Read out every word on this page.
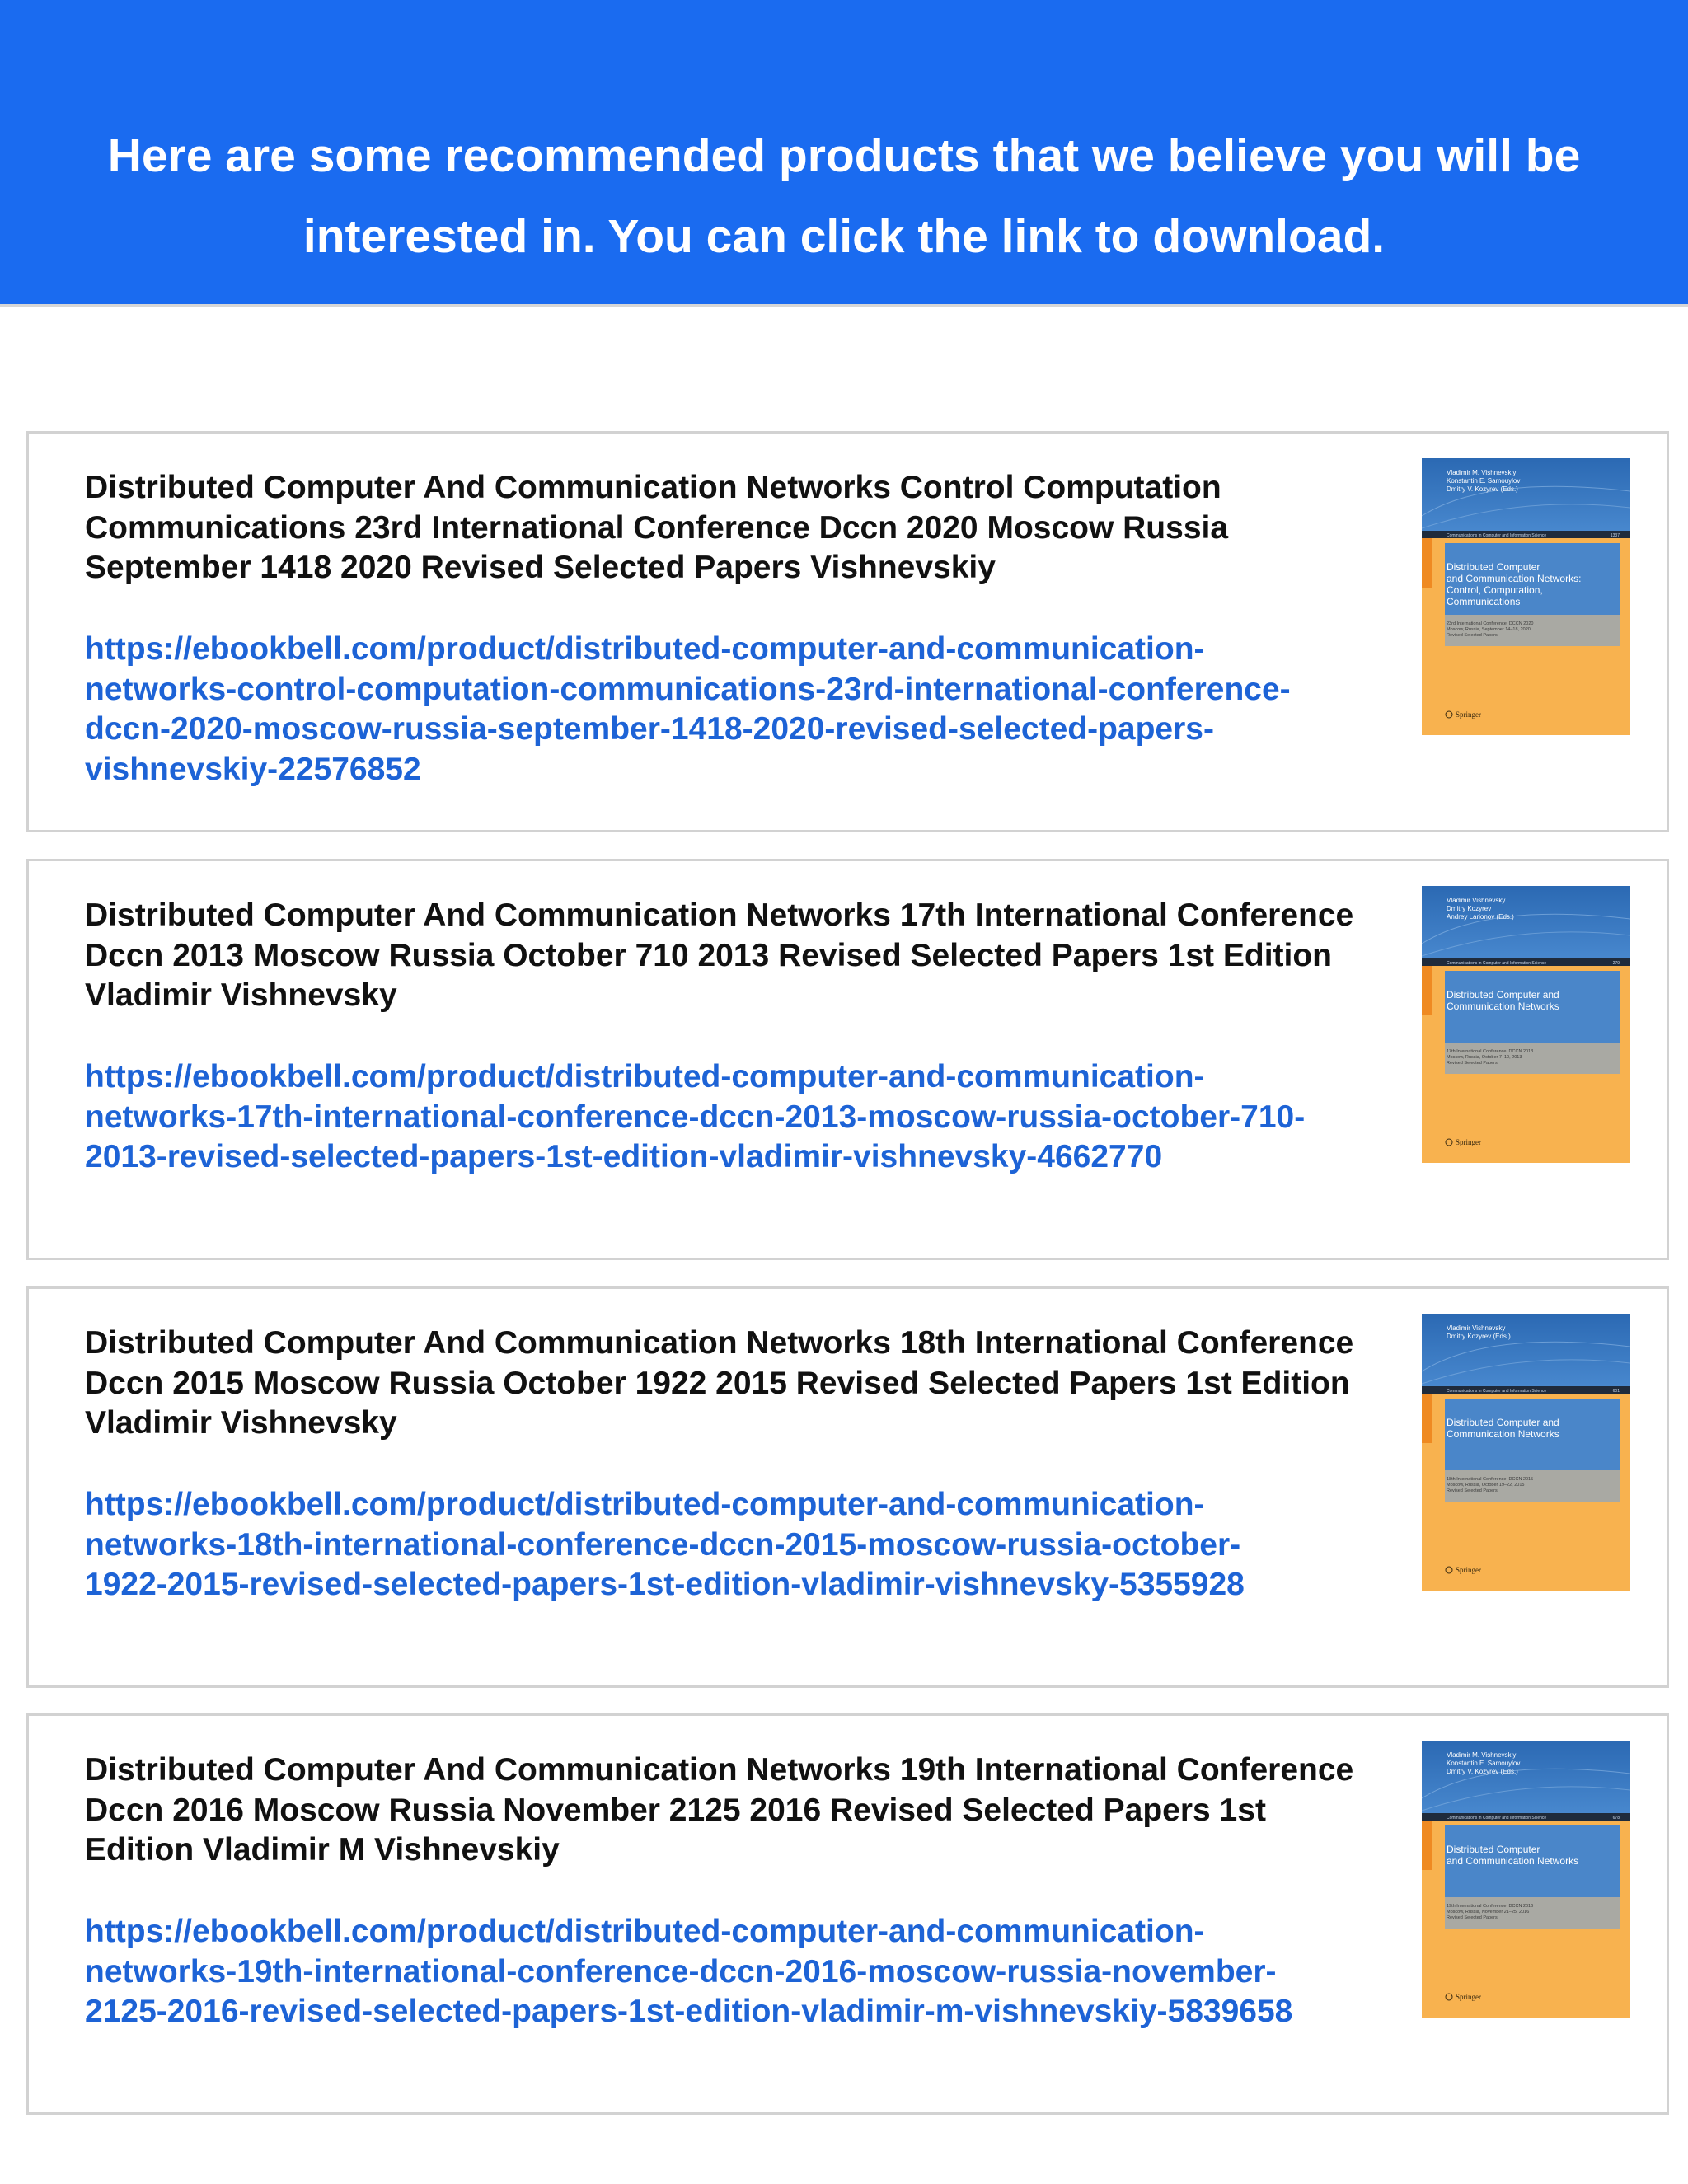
Here are some recommended products that we believe you will be interested in. You can click the link to download.

Distributed Computer And Communication Networks Control Computation Communications 23rd International Conference Dccn 2020 Moscow Russia September 1418 2020 Revised Selected Papers Vishnevskiy

https://ebookbell.com/product/distributed-computer-and-communication-networks-control-computation-communications-23rd-international-conference-dccn-2020-moscow-russia-september-1418-2020-revised-selected-papers-vishnevskiy-22576852
Vladimir M. Vishnevskiy
Konstantin E. Samouylov
Dmitry V. Kozyrev (Eds.)
Communications in Computer and Information Science	1337
Distributed Computer
and Communication Networks:
Control, Computation,
Communications
23rd International Conference, DCCN 2020
Moscow, Russia, September 14–18, 2020
Revised Selected Papers
Springer

Distributed Computer And Communication Networks 17th International Conference Dccn 2013 Moscow Russia October 710 2013 Revised Selected Papers 1st Edition Vladimir Vishnevsky

https://ebookbell.com/product/distributed-computer-and-communication-networks-17th-international-conference-dccn-2013-moscow-russia-october-710-2013-revised-selected-papers-1st-edition-vladimir-vishnevsky-4662770
Vladimir Vishnevsky
Dmitry Kozyrev
Andrey Larionov (Eds.)
Communications in Computer and Information Science	279
Distributed Computer and
Communication Networks
17th International Conference, DCCN 2013
Moscow, Russia, October 7–10, 2013
Revised Selected Papers
Springer

Distributed Computer And Communication Networks 18th International Conference Dccn 2015 Moscow Russia October 1922 2015 Revised Selected Papers 1st Edition Vladimir Vishnevsky

https://ebookbell.com/product/distributed-computer-and-communication-networks-18th-international-conference-dccn-2015-moscow-russia-october-1922-2015-revised-selected-papers-1st-edition-vladimir-vishnevsky-5355928
Vladimir Vishnevsky
Dmitry Kozyrev (Eds.)
Communications in Computer and Information Science	601
Distributed Computer and
Communication Networks
18th International Conference, DCCN 2015
Moscow, Russia, October 19–22, 2015
Revised Selected Papers
Springer

Distributed Computer And Communication Networks 19th International Conference Dccn 2016 Moscow Russia November 2125 2016 Revised Selected Papers 1st Edition Vladimir M Vishnevskiy

https://ebookbell.com/product/distributed-computer-and-communication-networks-19th-international-conference-dccn-2016-moscow-russia-november-2125-2016-revised-selected-papers-1st-edition-vladimir-m-vishnevskiy-5839658
Vladimir M. Vishnevskiy
Konstantin E. Samouylov
Dmitry V. Kozyrev (Eds.)
Communications in Computer and Information Science	678
Distributed Computer
and Communication Networks
19th International Conference, DCCN 2016
Moscow, Russia, November 21–25, 2016
Revised Selected Papers
Springer
